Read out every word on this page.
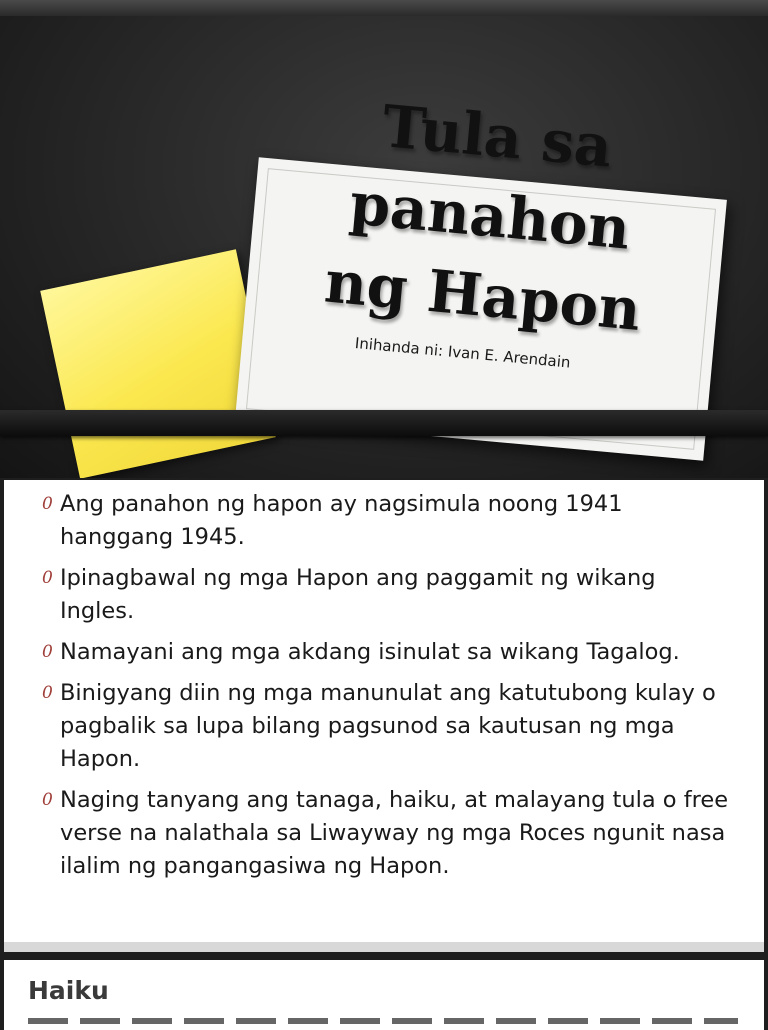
Tula sa panahon ng Hapon
Inihanda ni: Ivan E. Arendain
0 Ang panahon ng hapon ay nagsimula noong 1941 hanggang 1945.
0 Ipinagbawal ng mga Hapon ang paggamit ng wikang Ingles.
0 Namayani ang mga akdang isinulat sa wikang Tagalog.
0 Binigyang diin ng mga manunulat ang katutubong kulay o pagbalik sa lupa bilang pagsunod sa kautusan ng mga Hapon.
0 Naging tanyang ang tanaga, haiku, at malayang tula o free verse na nalathala sa Liwayway ng mga Roces ngunit nasa ilalim ng pangangasiwa ng Hapon.
Haiku
